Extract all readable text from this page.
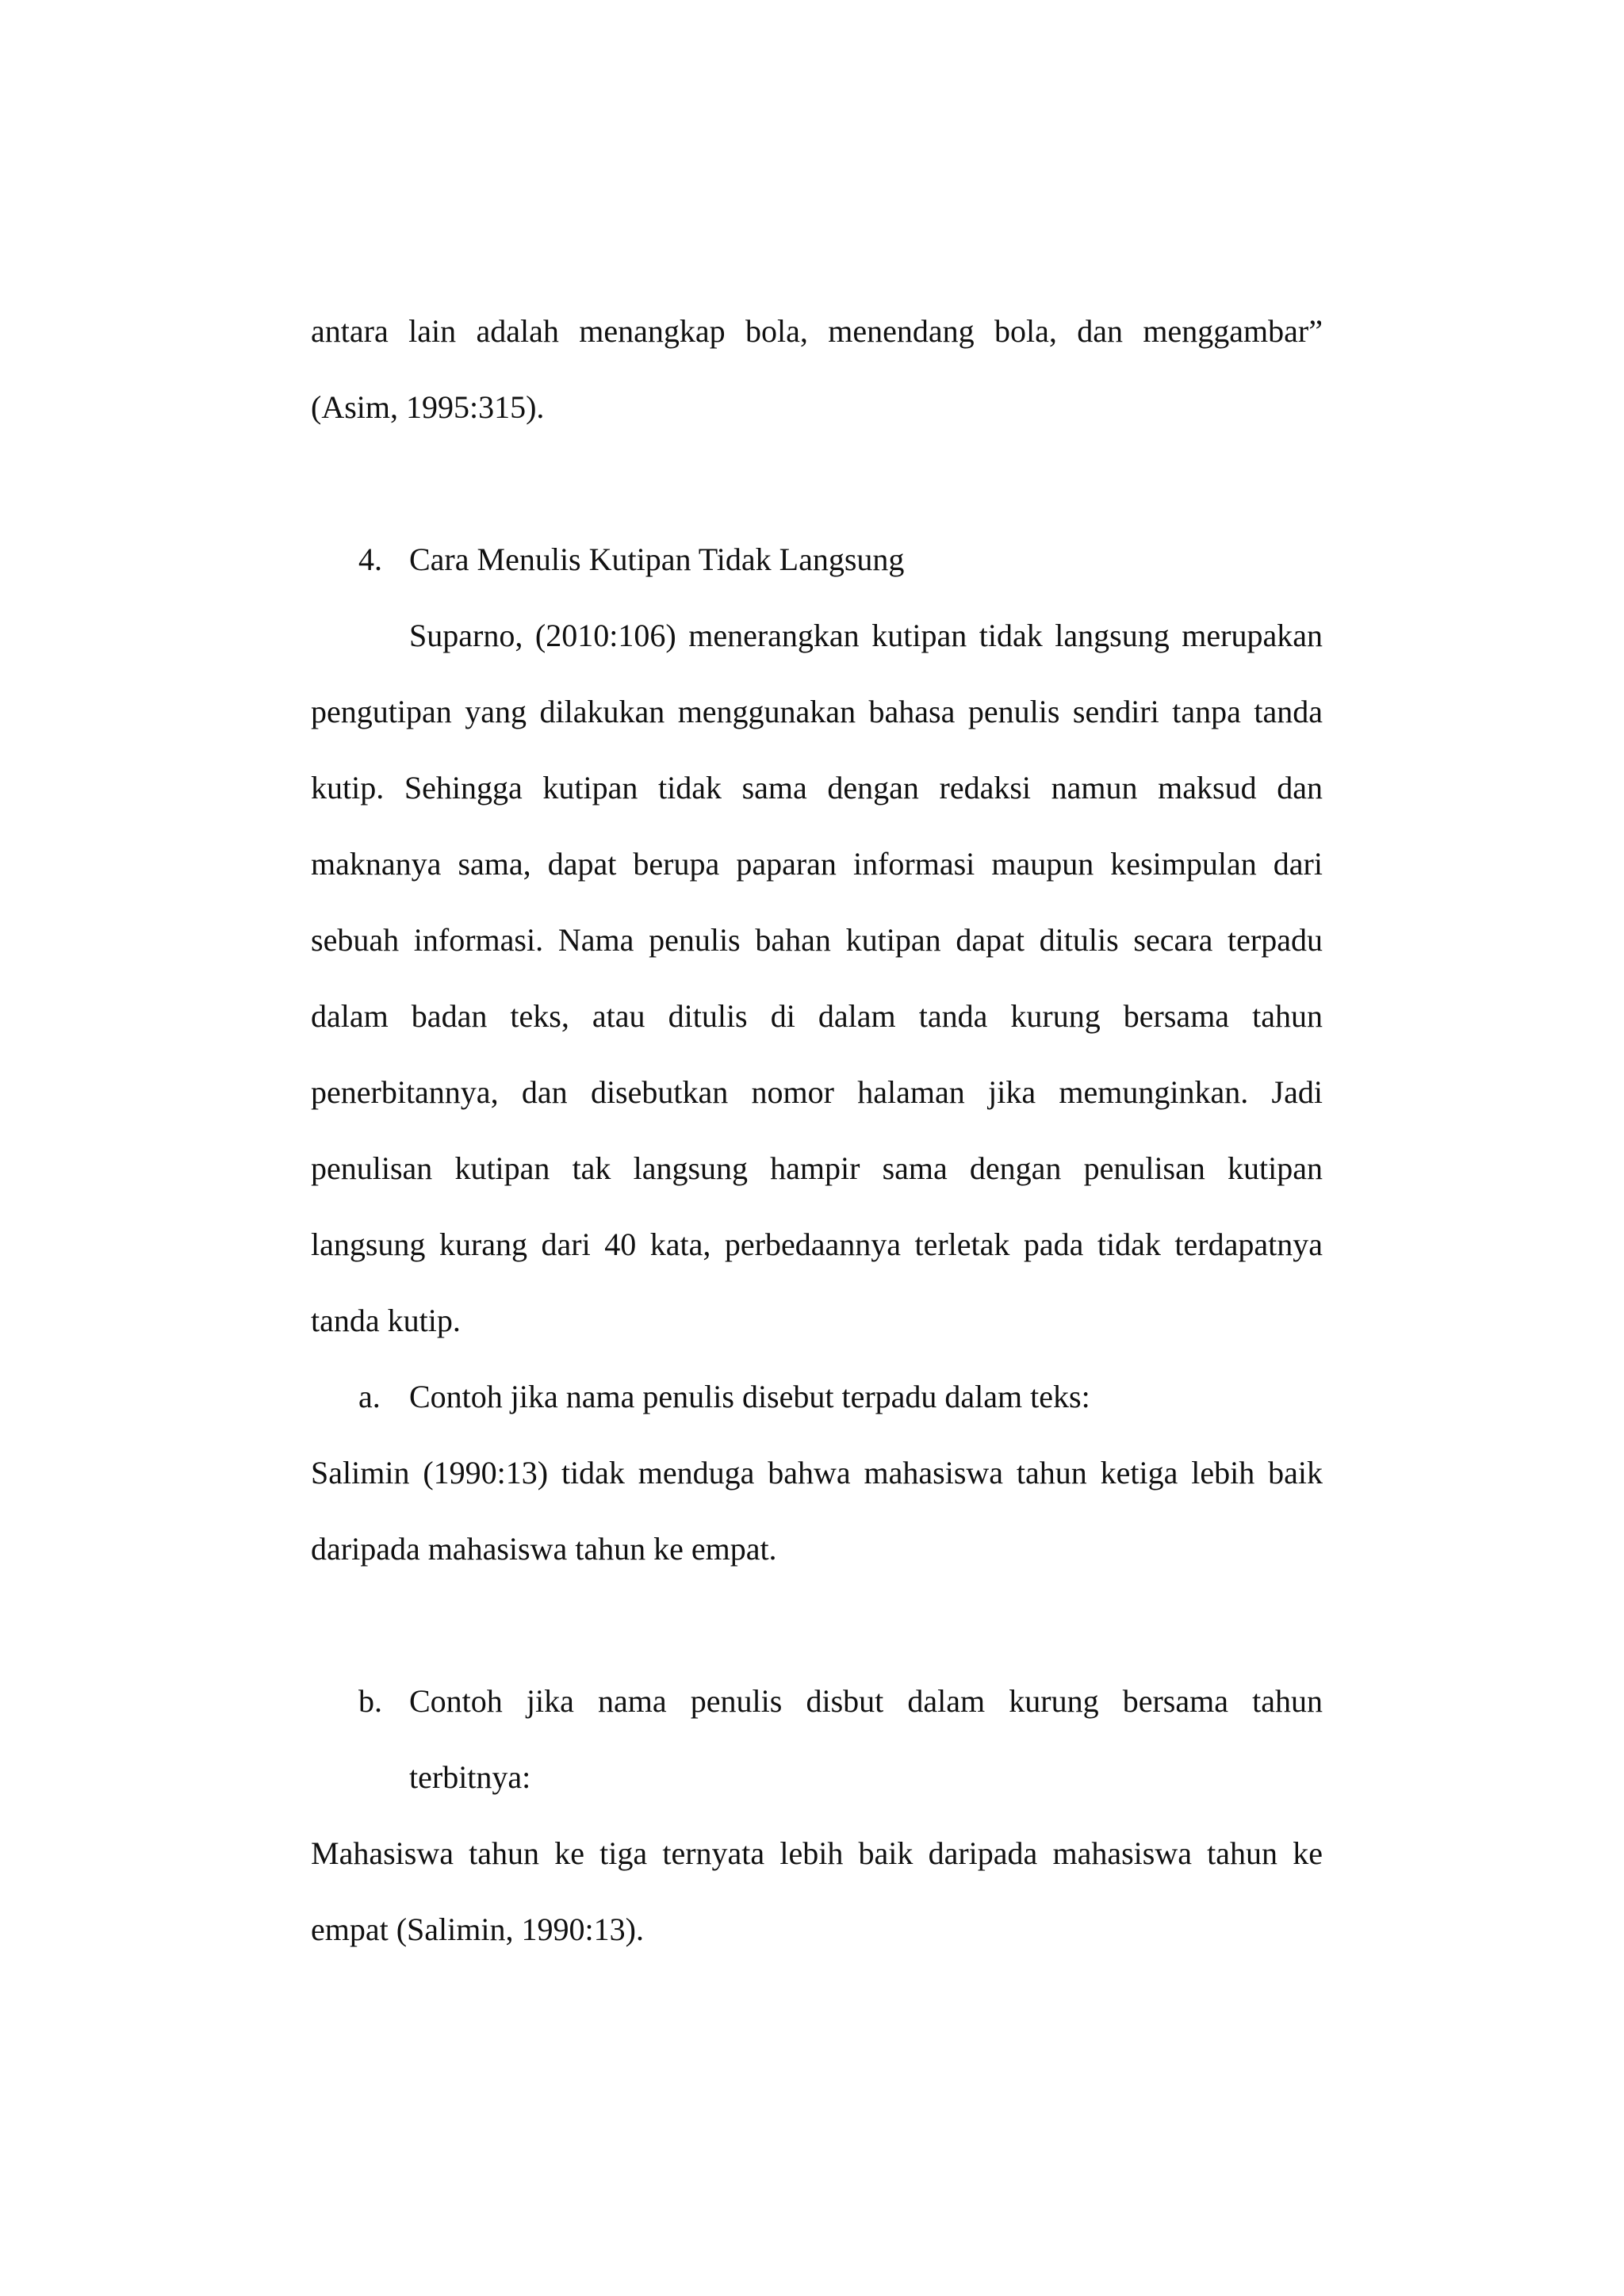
antara lain adalah menangkap bola, menendang bola, dan menggambar”
(Asim, 1995:315).
4. Cara Menulis Kutipan Tidak Langsung
Suparno, (2010:106) menerangkan kutipan tidak langsung merupakan
pengutipan yang dilakukan menggunakan bahasa penulis sendiri tanpa tanda
kutip. Sehingga kutipan tidak sama dengan redaksi namun maksud dan
maknanya sama, dapat berupa paparan informasi maupun kesimpulan dari
sebuah informasi. Nama penulis bahan kutipan dapat ditulis secara terpadu
dalam badan teks, atau ditulis di dalam tanda kurung bersama tahun
penerbitannya, dan disebutkan nomor halaman jika memunginkan. Jadi
penulisan kutipan tak langsung hampir sama dengan penulisan kutipan
langsung kurang dari 40 kata, perbedaannya terletak pada tidak terdapatnya
tanda kutip.
a. Contoh jika nama penulis disebut terpadu dalam teks:
Salimin (1990:13) tidak menduga bahwa mahasiswa tahun ketiga lebih baik
daripada mahasiswa tahun ke empat.
b. Contoh jika nama penulis disbut dalam kurung bersama tahun
terbitnya:
Mahasiswa tahun ke tiga ternyata lebih baik daripada mahasiswa tahun ke
empat (Salimin, 1990:13).
